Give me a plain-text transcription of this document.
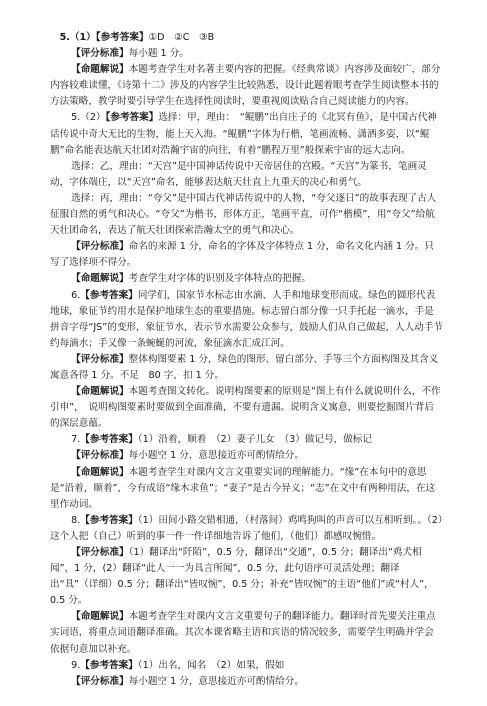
5.（1）【参考答案】①D　②C　③B

【评分标准】每小题 1 分。

【命题解说】本题考查学生对名著主要内容的把握。《经典常谈》内容涉及面较广，部分内容较难读懂，《诗第十二》涉及的内容学生比较熟悉，设计此题着眼考查学生阅读整本书的方法策略，教学时要引导学生在选择性阅读时，要重视阅读贴合自己阅读能力的内容。

5.（2）【参考答案】选择：甲，理由：　“鲲鹏”出自庄子的《北冥有鱼》，是中国古代神话传说中奇大无比的生物，能上天入海。“鲲鹏”字体为行楷，笔画流畅、潇洒多姿，以“鲲鹏”命名能表达航天壮团对浩瀚宇宙的向往，有着“鹏程万里”般探索宇宙的远大志向。

选择：乙，理由：“天宫”是中国神话传说中天帝居住的宫殿。“天宫”为篆书，笔画灵动，字体端庄，以“天宫”命名，能够表达航天壮直上九重天的决心和勇气。

选择：丙，理由：“夸父”是中国古代神话传说中的人物，“夸父逐日”的故事表现了古人征服自然的勇气和决心。“夸父”为楷书，形体方正，笔画平直，可作“楷模”，用“夸父”给航天壮团命名，表达了航天壮团探索浩瀚太空的勇气和决心。

【评分标准】命名的来源 1 分，命名的字体及字体特点 1 分，命名文化内涵 1 分。只写了选择项不得分。

【命题解说】考查学生对字体的识别及字体特点的把握。

6.【参考答案】同学们，国家节水标志由水滴、人手和地球变形而成。绿色的圆形代表地球，象征节约用水是保护地球生态的重要措施。标志留白部分像一只手托起一滴水，手是拼音字母“JS”的变形，象征节水，表示节水需要公众参与，鼓励人们从自己做起，人人动手节约每滴水；手又像一条蜿蜒的河流，象征滴水汇成江河。

【评分标准】整体构图要素 1 分，绿色的图形、留白部分、手等三个方面构图及其含义寓意各得 1 分。不足　80 字，扣 1 分。

【命题解说】本题考查图文转化。说明构图要素的原则是“图上有什么就说明什么，不作引申”，　说明构图要素时要做到全面准确，不要有遗漏。说明含义寓意，则要挖掘图片背后的深层意蕴。

7.【参考答案】（1）沿着，顺着　（2）妻子儿女　（3）做记号，做标记

【评分标准】每小题空 1 分，意思接近亦可酌情给分。

【命题解说】本题考查学生对课内文言文重要实词的理解能力。“缘”在本句中的意思是“沿着，顺着”，今有成语“缘木求鱼”；“妻子”是古今异义；“志”在文中有两种用法，在这里作动词。

8.【参考答案】（1）田间小路交错相通，（村落间）鸡鸣狗叫的声音可以互相听到。。（2）这个人把（自己）听到的事一件一件详细地告诉了他们，（他们）都感叹惋惜。

【评分标准】（1）翻译出“阡陌”，0.5 分，翻译出“交通”，0.5 分；翻译出“鸡犬相闻”，1 分，(2）翻译“此人一一为具言所闻”，0.5 分，此句语序可灵活处理；翻译出“具”（详细）0.5 分；翻译出“皆叹惋”，0.5 分；补充“皆叹惋”的主语“他们”或“村人”，0.5 分。

【命题解说】本题考查学生对课内文言文重要句子的翻译能力。翻译时首先要关注重点实词语，将重点词语翻译准确。其次本课省略主语和宾语的情况较多，需要学生明确并学会依据句意加以补充。

9.【参考答案】（1）出名，闻名　（2）如果，假如

【评分标准】每小题空 1 分，意思接近亦可酌情给分。
